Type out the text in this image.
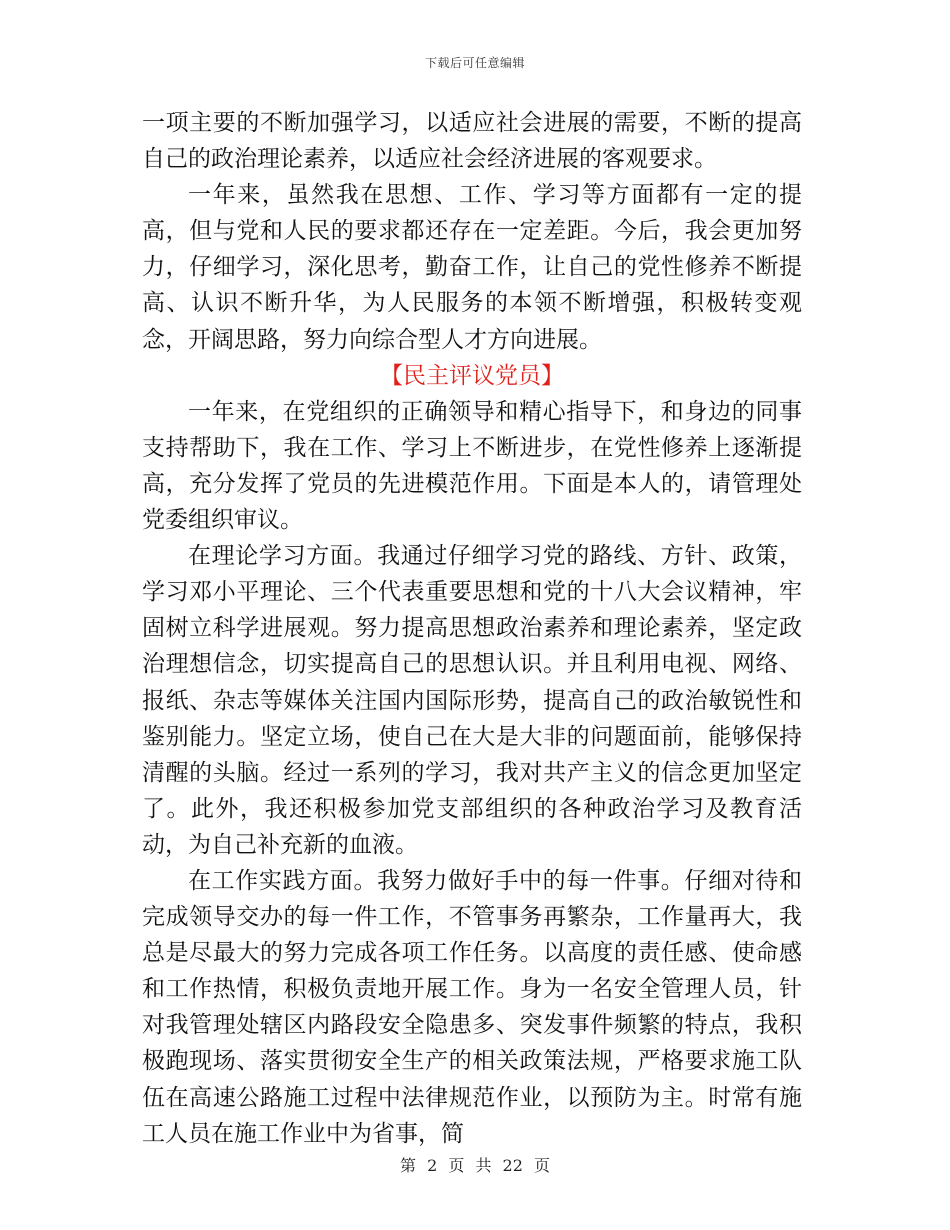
下载后可任意编辑

一项主要的不断加强学习，以适应社会进展的需要，不断的提高自己的政治理论素养，以适应社会经济进展的客观要求。

一年来，虽然我在思想、工作、学习等方面都有一定的提高，但与党和人民的要求都还存在一定差距。今后，我会更加努力，仔细学习，深化思考，勤奋工作，让自己的党性修养不断提高、认识不断升华，为人民服务的本领不断增强，积极转变观念，开阔思路，努力向综合型人才方向进展。

【民主评议党员】

一年来，在党组织的正确领导和精心指导下，和身边的同事支持帮助下，我在工作、学习上不断进步，在党性修养上逐渐提高，充分发挥了党员的先进模范作用。下面是本人的，请管理处党委组织审议。

在理论学习方面。我通过仔细学习党的路线、方针、政策，学习邓小平理论、三个代表重要思想和党的十八大会议精神，牢固树立科学进展观。努力提高思想政治素养和理论素养，坚定政治理想信念，切实提高自己的思想认识。并且利用电视、网络、报纸、杂志等媒体关注国内国际形势，提高自己的政治敏锐性和鉴别能力。坚定立场，使自己在大是大非的问题面前，能够保持清醒的头脑。经过一系列的学习，我对共产主义的信念更加坚定了。此外，我还积极参加党支部组织的各种政治学习及教育活动，为自己补充新的血液。

在工作实践方面。我努力做好手中的每一件事。仔细对待和完成领导交办的每一件工作，不管事务再繁杂，工作量再大，我总是尽最大的努力完成各项工作任务。以高度的责任感、使命感和工作热情，积极负责地开展工作。身为一名安全管理人员，针对我管理处辖区内路段安全隐患多、突发事件频繁的特点，我积极跑现场、落实贯彻安全生产的相关政策法规，严格要求施工队伍在高速公路施工过程中法律规范作业，以预防为主。时常有施工人员在施工作业中为省事，简

第 2 页 共 22 页
